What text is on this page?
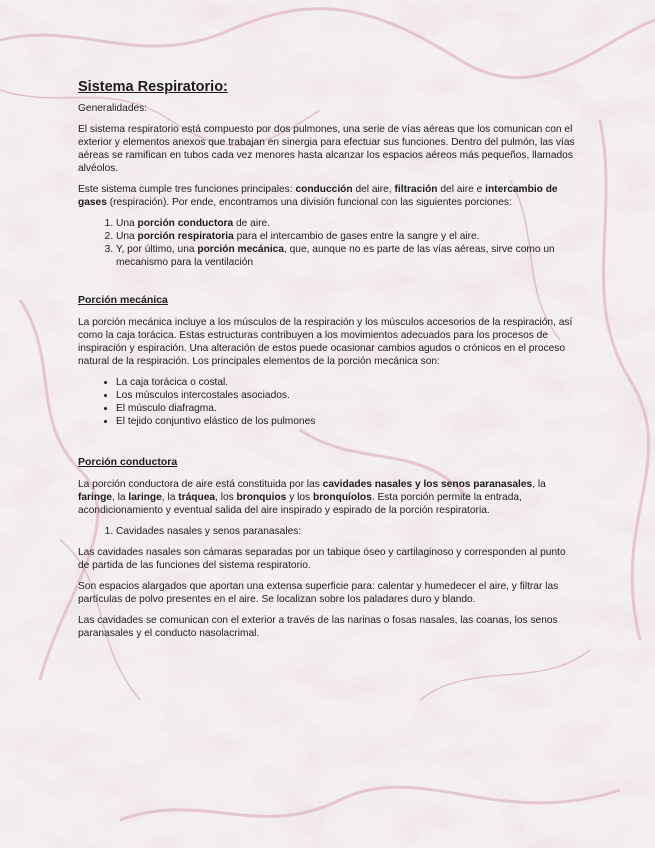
Sistema Respiratorio:

Generalidades:

El sistema respiratorio está compuesto por dos pulmones, una serie de vías aéreas que los comunican con el exterior y elementos anexos que trabajan en sinergia para efectuar sus funciones. Dentro del pulmón, las vías aéreas se ramifican en tubos cada vez menores hasta alcanzar los espacios aéreos más pequeños, llamados alvéolos.

Este sistema cumple tres funciones principales: conducción del aire, filtración del aire e intercambio de gases (respiración). Por ende, encontramos una división funcional con las siguientes porciones:

1. Una porción conductora de aire.
2. Una porción respiratoria para el intercambio de gases entre la sangre y el aire.
3. Y, por último, una porción mecánica, que, aunque no es parte de las vías aéreas, sirve como un mecanismo para la ventilación
Porción mecánica

La porción mecánica incluye a los músculos de la respiración y los músculos accesorios de la respiración, así como la caja torácica. Estas estructuras contribuyen a los movimientos adecuados para los procesos de inspiración y espiración. Una alteración de estos puede ocasionar cambios agudos o crónicos en el proceso natural de la respiración. Los principales elementos de la porción mecánica son:

• La caja torácica o costal.
• Los músculos intercostales asociados.
• El músculo diafragma.
• El tejido conjuntivo elástico de los pulmones
Porción conductora

La porción conductora de aire está constituida por las cavidades nasales y los senos paranasales, la faringe, la laringe, la tráquea, los bronquios y los bronquíolos. Esta porción permite la entrada, acondicionamiento y eventual salida del aire inspirado y espirado de la porción respiratoria.

1. Cavidades nasales y senos paranasales:

Las cavidades nasales son cámaras separadas por un tabique óseo y cartilaginoso y corresponden al punto de partida de las funciones del sistema respiratorio.

Son espacios alargados que aportan una extensa superficie para: calentar y humedecer el aire, y filtrar las partículas de polvo presentes en el aire. Se localizan sobre los paladares duro y blando.

Las cavidades se comunican con el exterior a través de las narinas o fosas nasales, las coanas, los senos paranasales y el conducto nasolacrimal.
